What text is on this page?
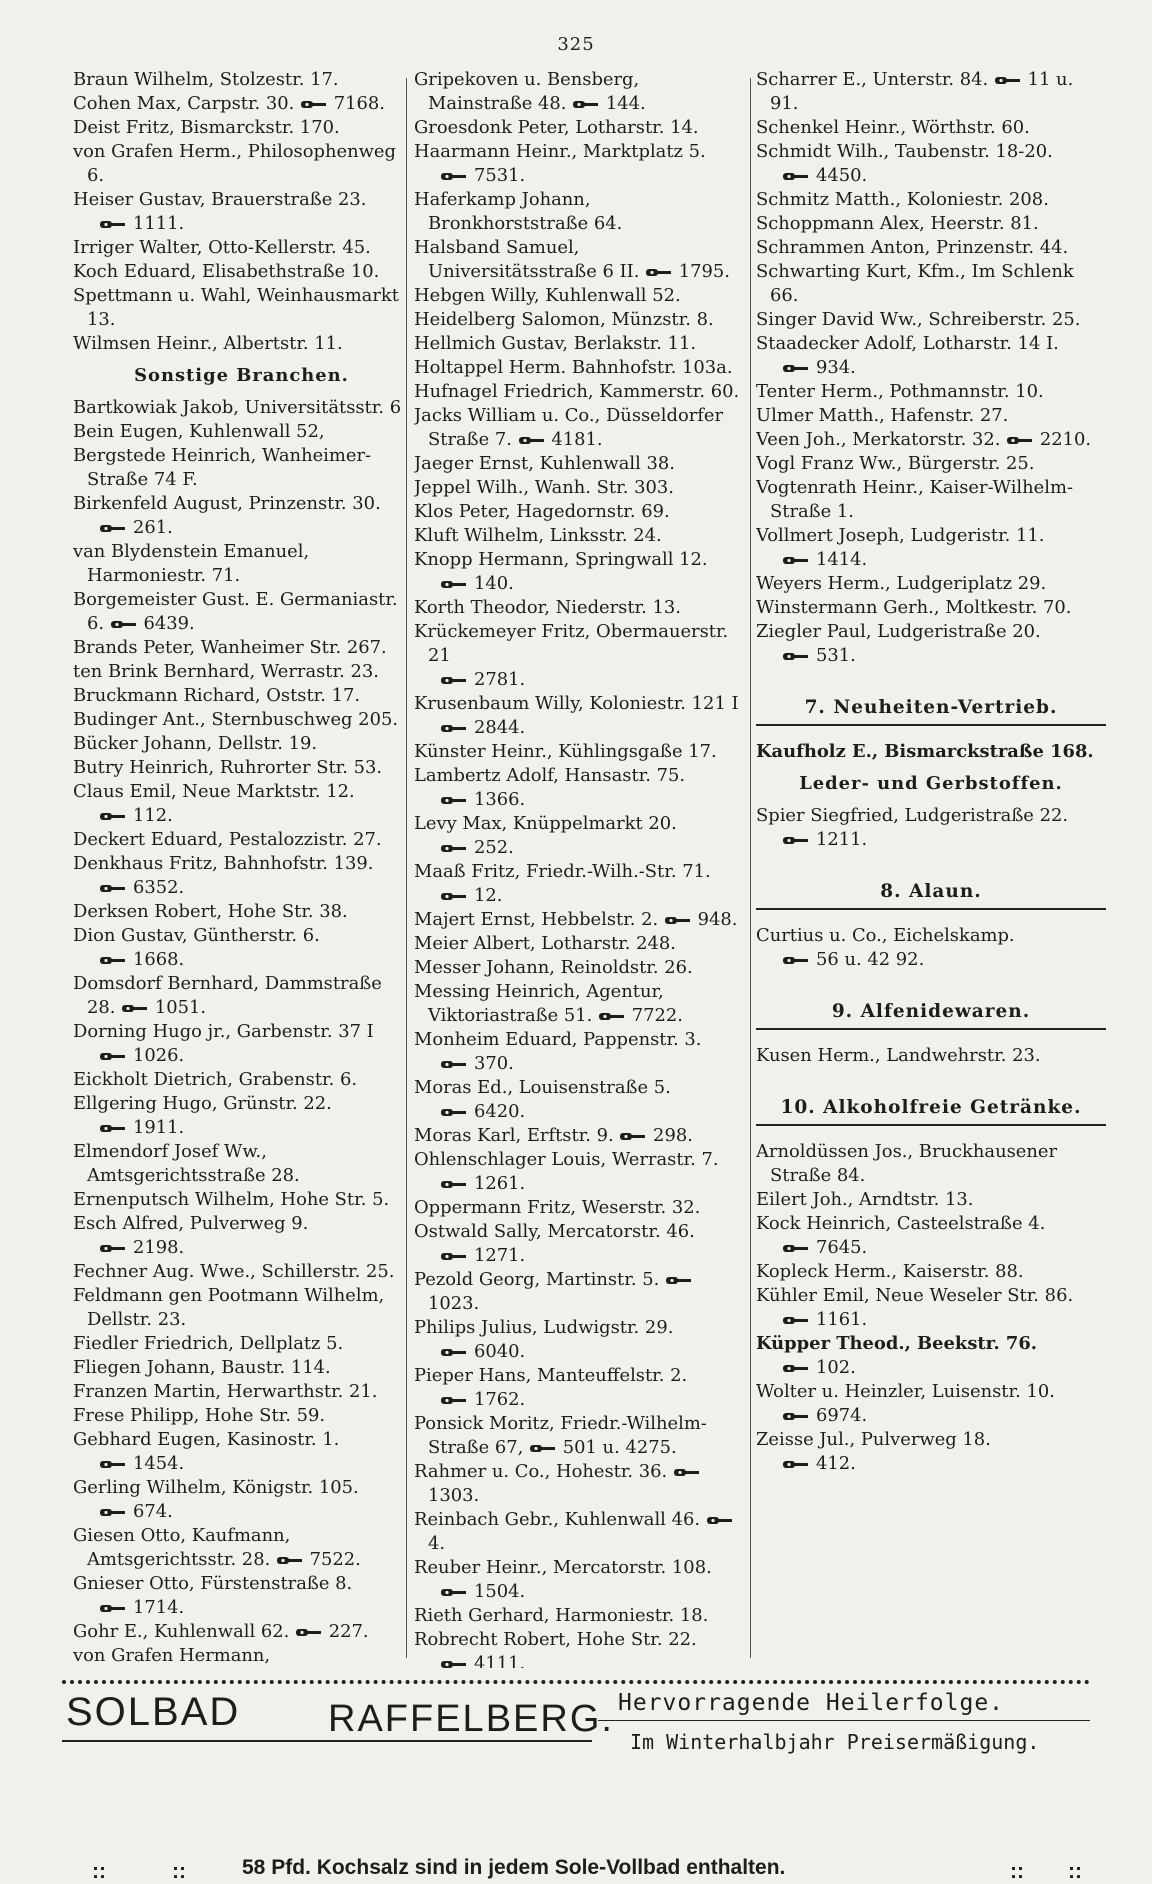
325
Braun Wilhelm, Stolzestr. 17.
Cohen Max, Carpstr. 30.
7168.
Deist Fritz, Bismarckstr. 170.
von Grafen Herm., Philosophenweg 6.
Heiser Gustav, Brauerstraße 23.
1111.
Irriger Walter, Otto-Kellerstr. 45.
Koch Eduard, Elisabethstraße 10.
Spettmann u. Wahl, Weinhausmarkt 13.
Wilmsen Heinr., Albertstr. 11.
Sonstige Branchen.
Bartkowiak Jakob, Universitätsstr. 6
Bein Eugen, Kuhlenwall 52,
Bergstede Heinrich, Wanheimer-Straße 74 F.
Birkenfeld August, Prinzenstr. 30.
261.
van Blydenstein Emanuel, Harmoniestr. 71.
Borgemeister Gust. E. Germaniastr. 6.
6439.
Brands Peter, Wanheimer Str. 267.
ten Brink Bernhard, Werrastr. 23.
Bruckmann Richard, Oststr. 17.
Budinger Ant., Sternbuschweg 205.
Bücker Johann, Dellstr. 19.
Butry Heinrich, Ruhrorter Str. 53.
Claus Emil, Neue Marktstr. 12.
112.
Deckert Eduard, Pestalozzistr. 27.
Denkhaus Fritz, Bahnhofstr. 139.
6352.
Derksen Robert, Hohe Str. 38.
Dion Gustav, Güntherstr. 6.
1668.
Domsdorf Bernhard, Dammstraße 28.
1051.
Dorning Hugo jr., Garbenstr. 37 I
1026.
Eickholt Dietrich, Grabenstr. 6.
Ellgering Hugo, Grünstr. 22.
1911.
Elmendorf Josef Ww., Amtsgerichtsstraße 28.
Ernenputsch Wilhelm, Hohe Str. 5.
Esch Alfred, Pulverweg 9.
2198.
Fechner Aug. Wwe., Schillerstr. 25.
Feldmann gen Pootmann Wilhelm, Dellstr. 23.
Fiedler Friedrich, Dellplatz 5.
Fliegen Johann, Baustr. 114.
Franzen Martin, Herwarthstr. 21.
Frese Philipp, Hohe Str. 59.
Gebhard Eugen, Kasinostr. 1.
1454.
Gerling Wilhelm, Königstr. 105.
674.
Giesen Otto, Kaufmann, Amtsgerichtsstr. 28.
7522.
Gnieser Otto, Fürstenstraße 8.
1714.
Gohr E., Kuhlenwall 62.
227.
von Grafen Hermann,
Gripekoven u. Bensberg, Mainstraße 48.
144.
Groesdonk Peter, Lotharstr. 14.
Haarmann Heinr., Marktplatz 5.
7531.
Haferkamp Johann, Bronkhorststraße 64.
Halsband Samuel, Universitätsstraße 6 II.
1795.
Hebgen Willy, Kuhlenwall 52.
Heidelberg Salomon, Münzstr. 8.
Hellmich Gustav, Berlakstr. 11.
Holtappel Herm. Bahnhofstr. 103a.
Hufnagel Friedrich, Kammerstr. 60.
Jacks William u. Co., Düsseldorfer Straße 7.
4181.
Jaeger Ernst, Kuhlenwall 38.
Jeppel Wilh., Wanh. Str. 303.
Klos Peter, Hagedornstr. 69.
Kluft Wilhelm, Linksstr. 24.
Knopp Hermann, Springwall 12.
140.
Korth Theodor, Niederstr. 13.
Krückemeyer Fritz, Obermauerstr. 21
2781.
Krusenbaum Willy, Koloniestr. 121 I
2844.
Künster Heinr., Kühlingsgaße 17.
Lambertz Adolf, Hansastr. 75.
1366.
Levy Max, Knüppelmarkt 20.
252.
Maaß Fritz, Friedr.-Wilh.-Str. 71.
12.
Majert Ernst, Hebbelstr. 2.
948.
Meier Albert, Lotharstr. 248.
Messer Johann, Reinoldstr. 26.
Messing Heinrich, Agentur, Viktoriastraße 51.
7722.
Monheim Eduard, Pappenstr. 3.
370.
Moras Ed., Louisenstraße 5.
6420.
Moras Karl, Erftstr. 9.
298.
Ohlenschlager Louis, Werrastr. 7.
1261.
Oppermann Fritz, Weserstr. 32.
Ostwald Sally, Mercatorstr. 46.
1271.
Pezold Georg, Martinstr. 5.
1023.
Philips Julius, Ludwigstr. 29.
6040.
Pieper Hans, Manteuffelstr. 2.
1762.
Ponsick Moritz, Friedr.-Wilhelm-Straße 67,
501 u. 4275.
Rahmer u. Co., Hohestr. 36.
1303.
Reinbach Gebr., Kuhlenwall 46.
4.
Reuber Heinr., Mercatorstr. 108.
1504.
Rieth Gerhard, Harmoniestr. 18.
Robrecht Robert, Hohe Str. 22.
4111.
Scharrer E., Unterstr. 84.
11 u. 91.
Schenkel Heinr., Wörthstr. 60.
Schmidt Wilh., Taubenstr. 18-20.
4450.
Schmitz Matth., Koloniestr. 208.
Schoppmann Alex, Heerstr. 81.
Schrammen Anton, Prinzenstr. 44.
Schwarting Kurt, Kfm., Im Schlenk 66.
Singer David Ww., Schreiberstr. 25.
Staadecker Adolf, Lotharstr. 14 I.
934.
Tenter Herm., Pothmannstr. 10.
Ulmer Matth., Hafenstr. 27.
Veen Joh., Merkatorstr. 32.
2210.
Vogl Franz Ww., Bürgerstr. 25.
Vogtenrath Heinr., Kaiser-Wilhelm-Straße 1.
Vollmert Joseph, Ludgeristr. 11.
1414.
Weyers Herm., Ludgeriplatz 29.
Winstermann Gerh., Moltkestr. 70.
Ziegler Paul, Ludgeristraße 20.
531.
7. Neuheiten-Vertrieb.
Kaufholz E., Bismarckstraße 168.
Leder- und Gerbstoffen.
Spier Siegfried, Ludgeristraße 22.
1211.
8. Alaun.
Curtius u. Co., Eichelskamp.
56 u. 42 92.
9. Alfenidewaren.
Kusen Herm., Landwehrstr. 23.
10. Alkoholfreie Getränke.
Arnoldüssen Jos., Bruckhausener Straße 84.
Eilert Joh., Arndtstr. 13.
Kock Heinrich, Casteelstraße 4.
7645.
Kopleck Herm., Kaiserstr. 88.
Kühler Emil, Neue Weseler Str. 86.
1161.
Küpper Theod., Beekstr. 76.
102.
Wolter u. Heinzler, Luisenstr. 10.
6974.
Zeisse Jul., Pulverweg 18.
412.
SOLBAD RAFFELBERG. Hervorragende Heilerfolge.
Im Winterhalbjahr Preisermäßigung.
::	::	58 Pfd. Kochsalz sind in jedem Sole-Vollbad enthalten.	:: ::
